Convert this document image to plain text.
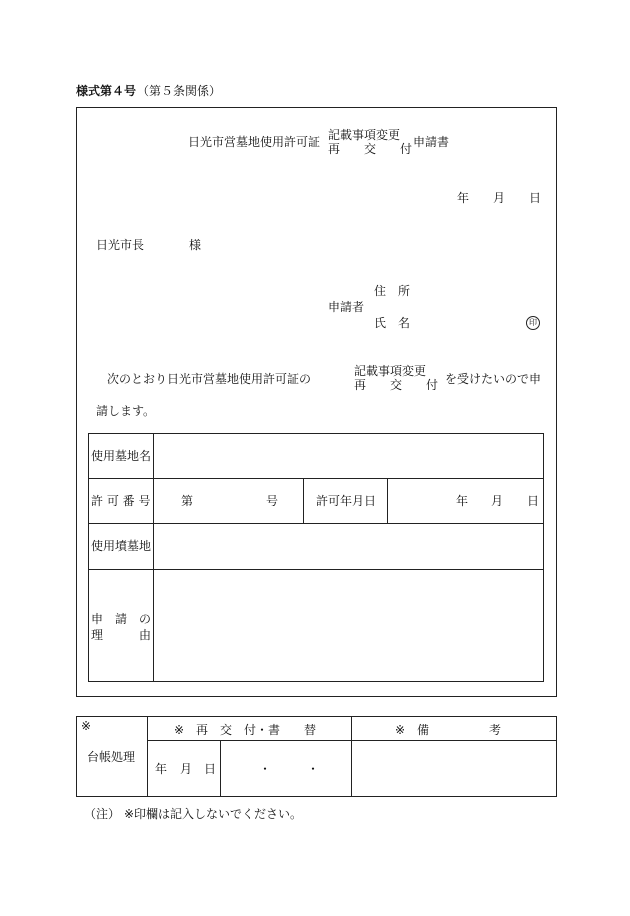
様式第４号 （第５条関係）
日光市営墓地使用許可証 記載事項変更
再　　交　　付 申請書
年 月 日
日光市長	様
住　所
申請者
氏　名	印
次のとおり日光市営墓地使用許可証の
記載事項変更
再　　交　　付 を受けたいので申
請します。
使用墓地名
許 可 番 号	第	号	許可年月日	年 月 日
使用墳墓地
申　請　の
理　　　由
※
台帳処理
※　再　交　付・書　　替	※　備　　　　　考
年 月 日	・　　　・
（注） ※印欄は記入しないでください。
